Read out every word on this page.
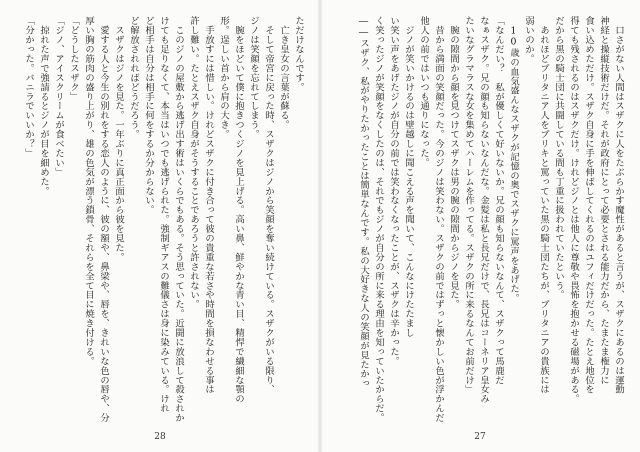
ただけなんです。
　亡き皇女の言葉が蘇る。
　そして帝宮に戻った時、スザクはジノから笑顔を奪い続けている。スザクがいる限り、
ジノは笑顔を忘れてしまう。
　腕をほどいて僕に抱きつくジノを見上げる。高い鼻、鮮やかな青い目、精悍で繊細な顎の
形。逞しい首から肩の大き。
　手放すには惜しい。けれどスザクに付き合って彼の貴重な若さや時間を損なわせる事は
許し難い。たとえスザク自身がそうすることであろうと許されない。
　このジノの屋敷から逃げ出す術はいくらでもある。そう思っていた。近闘に放浪して殺されか
けても足りなくて、本当はいつでも逃げられた。強制ギアスの難儀さは身に染みている。けれ
ど相手は自分は相手に何をするか分からない。
ど解放されればどうだろう。
　スザクはジノを見た。一年ぶりに真正面から彼を見た。
　愛する人と今生の別れをする恋人のように、彼の額や、鼻梁や、唇を、きれいな色の唇や、分
厚い胸の筋肉の盛り上がり、雄の色気が漂う鎖骨、それらを全て目に焼き付ける。
「どうしたスザク」
「ジノ、アイスクリームが食べたい」
　掠れた声で強請るとジノが目を細めた。
「分かった。バニラでいいか？」
28
　口さがない人間はスザクに人をたぶらかす魔性があると言うが、スザクにあるのは運動
神経と操縦技術だけだ。それが政府にとって必要とされる能力だから、たまたま権力に
食い込めただけ。スザク自身に手を伸ばしてくれるのはユフィだけだった。たとえ地位を
得ても残されるのはスザクだけ。けれどジノとは他人に尊敬や畏怖を抱かせる磁場がある。
だから黒の騎士団に共闘している間も丁重に扱われていたという。
　あれほどブリタニア人をブリキと罵っていた黒の騎士団たちが、ブリタニアの貴族には
弱いのか。
　10歳の血気盛んなスザクが記憶の奥でスザクに罵声をあげた。
「なんだい？　私が優しくて好いないか。兄の顔も知らないなんて、スザクって馬鹿だ
なぁスザク。兄の顔も知らないなんだな。金髪は私と長兄だけで、長兄はコーネリア皇女み
たいなグラマラスな女を集めてハーレムを作ってる。スザクの所に来るなんてお前だけ」
　腕の隙間から顔を見つけてスザクは男の腕の隙間からジノを見た。
　昔から満面の笑顔だった。今のジノは笑わない。スザクの前ではずっと懐かしい色が浮かんだ
他人の前ではいつも通りになった。
　ジノが笑いかけるのは壁越しに聞こえる声を聞いて、こんなにけたたまし
い笑い声をあげたジノが自分の前では笑わなくなったことが、スザクは辛かった。
く笑ったジノが笑顔をなくしたのは、それでもジノが自分の所に来る理由を知っていたからだ。
――スザク、私がやりたかったことは簡単なんです。私の大好きな人の笑顔が見たかっ
27
